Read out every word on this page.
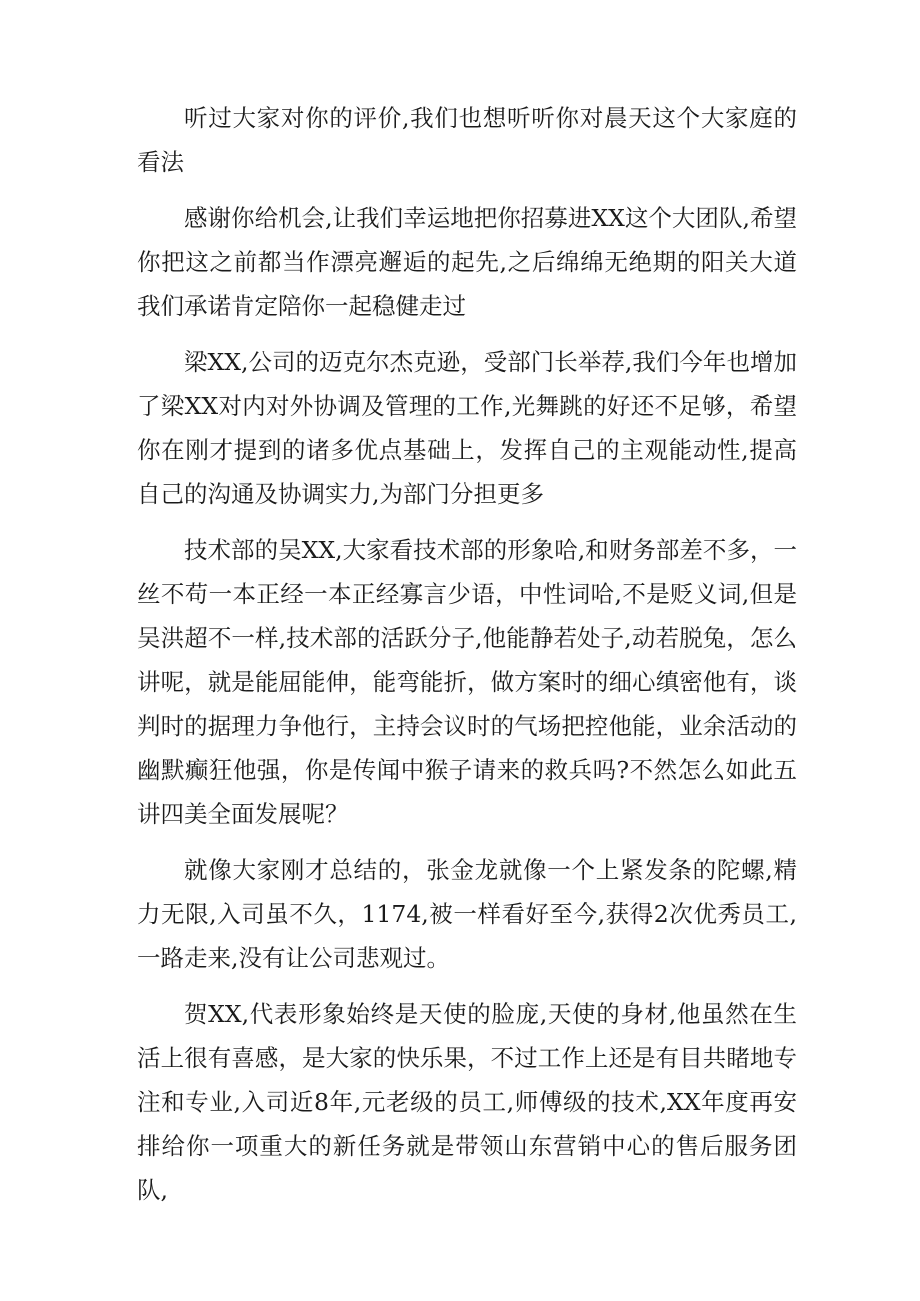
听过大家对你的评价,我们也想听听你对晨天这个大家庭的看法

感谢你给机会,让我们幸运地把你招募进XX这个大团队,希望你把这之前都当作漂亮邂逅的起先,之后绵绵无绝期的阳关大道我们承诺肯定陪你一起稳健走过

梁XX,公司的迈克尔杰克逊，受部门长举荐,我们今年也增加了梁XX对内对外协调及管理的工作,光舞跳的好还不足够，希望你在刚才提到的诸多优点基础上，发挥自己的主观能动性,提高自己的沟通及协调实力,为部门分担更多

技术部的吴XX,大家看技术部的形象哈,和财务部差不多，一丝不苟一本正经一本正经寡言少语，中性词哈,不是贬义词,但是吴洪超不一样,技术部的活跃分子,他能静若处子,动若脱兔，怎么讲呢，就是能屈能伸，能弯能折，做方案时的细心缜密他有，谈判时的据理力争他行，主持会议时的气场把控他能，业余活动的幽默癫狂他强，你是传闻中猴子请来的救兵吗?不然怎么如此五讲四美全面发展呢？

就像大家刚才总结的，张金龙就像一个上紧发条的陀螺,精力无限,入司虽不久，1174,被一样看好至今,获得2次优秀员工,一路走来,没有让公司悲观过。

贺XX,代表形象始终是天使的脸庞,天使的身材,他虽然在生活上很有喜感，是大家的快乐果，不过工作上还是有目共睹地专注和专业,入司近8年,元老级的员工,师傅级的技术,XX年度再安排给你一项重大的新任务就是带领山东营销中心的售后服务团队,
